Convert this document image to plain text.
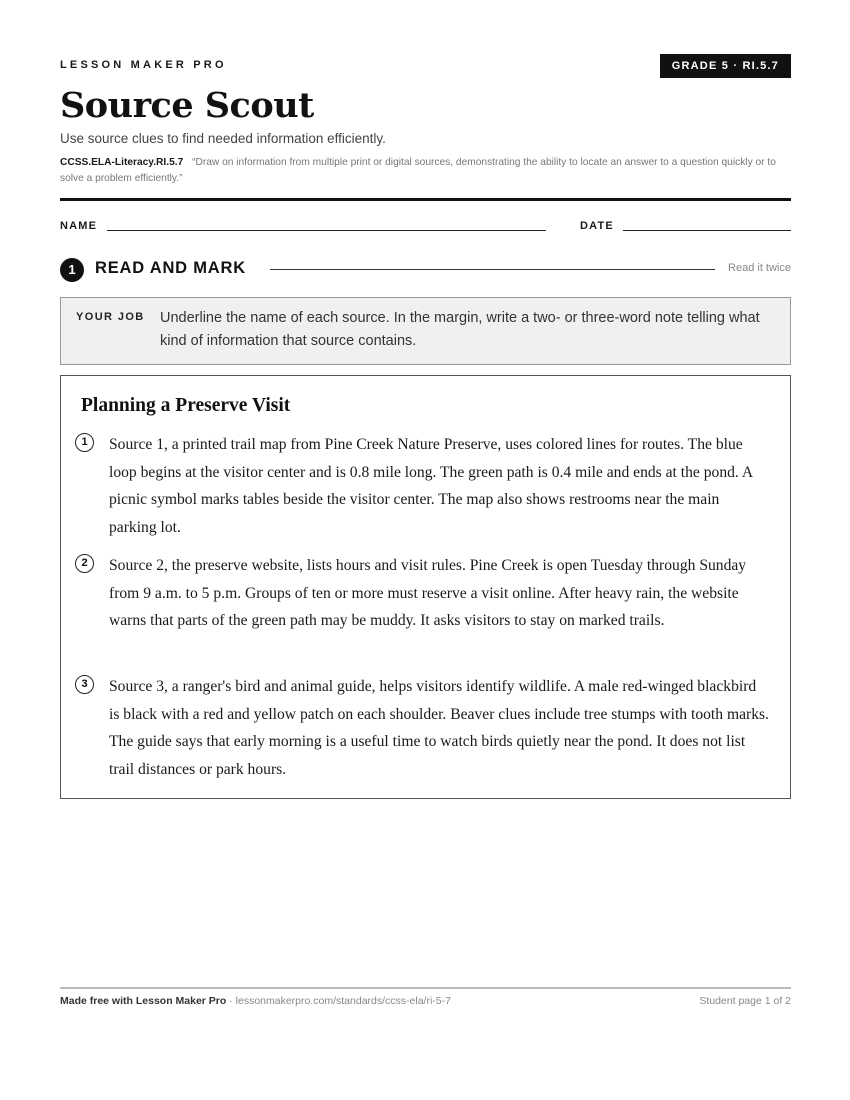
LESSON MAKER PRO	GRADE 5 · RI.5.7
Source Scout
Use source clues to find needed information efficiently.
CCSS.ELA-Literacy.RI.5.7 “Draw on information from multiple print or digital sources, demonstrating the ability to locate an answer to a question quickly or to solve a problem efficiently.”
NAME	DATE
1	READ AND MARK	Read it twice
YOUR JOB Underline the name of each source. In the margin, write a two- or three-word note telling what kind of information that source contains.
Planning a Preserve Visit
1	Source 1, a printed trail map from Pine Creek Nature Preserve, uses colored lines for routes. The blue loop begins at the visitor center and is 0.8 mile long. The green path is 0.4 mile and ends at the pond. A picnic symbol marks tables beside the visitor center. The map also shows restrooms near the main parking lot.
2	Source 2, the preserve website, lists hours and visit rules. Pine Creek is open Tuesday through Sunday from 9 a.m. to 5 p.m. Groups of ten or more must reserve a visit online. After heavy rain, the website warns that parts of the green path may be muddy. It asks visitors to stay on marked trails.
3	Source 3, a ranger's bird and animal guide, helps visitors identify wildlife. A male red-winged blackbird is black with a red and yellow patch on each shoulder. Beaver clues include tree stumps with tooth marks. The guide says that early morning is a useful time to watch birds quietly near the pond. It does not list trail distances or park hours.
Made free with Lesson Maker Pro · lessonmakerpro.com/standards/ccss-ela/ri-5-7	Student page 1 of 2
